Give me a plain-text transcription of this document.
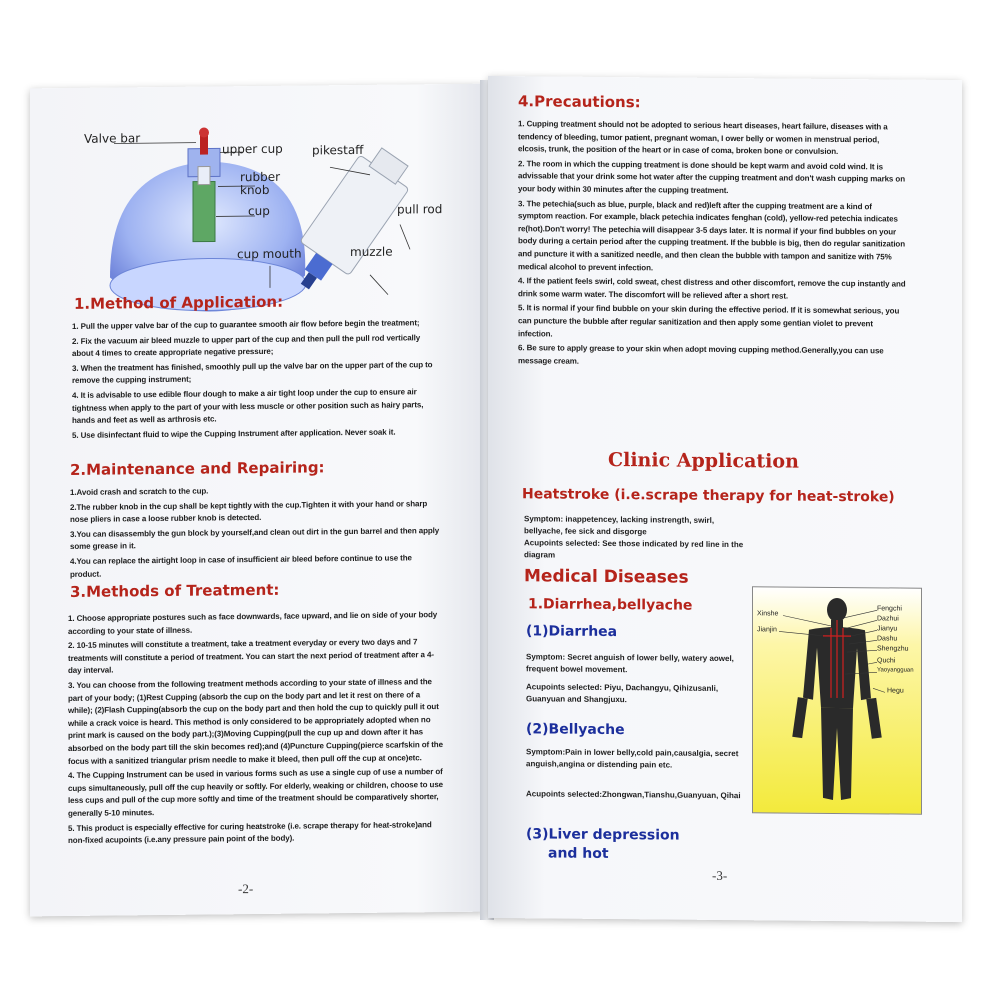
Valve bar
upper cup
rubber
knob
cup
cup mouth
pikestaff
pull rod
muzzle
1.Method of Application:
1. Pull the upper valve bar of the cup to guarantee smooth air flow before begin the treatment;
2. Fix the vacuum air bleed muzzle to upper part of the cup and then pull the pull rod vertically about 4 times to create appropriate negative pressure;
3. When the treatment has finished, smoothly pull up the valve bar on the upper part of the cup to remove the cupping instrument;
4. It is advisable to use edible flour dough to make a air tight loop under the cup to ensure air tightness when apply to the part of your with less muscle or other position such as hairy parts, hands and feet as well as arthrosis etc.
5. Use disinfectant fluid to wipe the Cupping Instrument after application. Never soak it.
2.Maintenance and Repairing:
1.Avoid crash and scratch to the cup.
2.The rubber knob in the cup shall be kept tightly with the cup.Tighten it with your hand or sharp nose pliers in case a loose rubber knob is detected.
3.You can disassembly the gun block by yourself,and clean out dirt in the gun barrel and then apply some grease in it.
4.You can replace the airtight loop in case of insufficient air bleed before continue to use the product.
3.Methods of Treatment:
1. Choose appropriate postures such as face downwards, face upward, and lie on side of your body according to your state of illness.
2. 10-15 minutes will constitute a treatment, take a treatment everyday or every two days and 7 treatments will constitute a period of treatment. You can start the next period of treatment after a 4-day interval.
3. You can choose from the following treatment methods according to your state of illness and the part of your body; (1)Rest Cupping (absorb the cup on the body part and let it rest on there of a while); (2)Flash Cupping(absorb the cup on the body part and then hold the cup to quickly pull it out while a crack voice is heard. This method is only considered to be appropriately adopted when no print mark is caused on the body part.);(3)Moving Cupping(pull the cup up and down after it has absorbed on the body part till the skin becomes red);and (4)Puncture Cupping(pierce scarfskin of the focus with a sanitized triangular prism needle to make it bleed, then pull off the cup at once)etc.
4. The Cupping Instrument can be used in various forms such as use a single cup of use a number of cups simultaneously, pull off the cup heavily or softly. For elderly, weaking or children, choose to use less cups and pull of the cup more softly and time of the treatment should be comparatively shorter, generally 5-10 minutes.
5. This product is especially effective for curing heatstroke (i.e. scrape therapy for heat-stroke)and non-fixed acupoints (i.e.any pressure pain point of the body).
-2-
4.Precautions:
1. Cupping treatment should not be adopted to serious heart diseases, heart failure, diseases with a tendency of bleeding, tumor patient, pregnant woman, I ower belly or women in menstrual period, elcosis, trunk, the position of the heart or in case of coma, broken bone or convulsion.
2. The room in which the cupping treatment is done should be kept warm and avoid cold wind. It is advissable that your drink some hot water after the cupping treatment and don't wash cupping marks on your body within 30 minutes after the cupping treatment.
3. The petechia(such as blue, purple, black and red)left after the cupping treatment are a kind of symptom reaction. For example, black petechia indicates fenghan (cold), yellow-red petechia indicates re(hot).Don't worry! The petechia will disappear 3-5 days later. It is normal if your find bubbles on your body during a certain period after the cupping treatment. If the bubble is big, then do regular sanitization and puncture it with a sanitized needle, and then clean the bubble with tampon and sanitize with 75% medical alcohol to prevent infection.
4. If the patient feels swirl, cold sweat, chest distress and other discomfort, remove the cup instantly and drink some warm water. The discomfort will be relieved after a short rest.
5. It is normal if your find bubble on your skin during the effective period. If it is somewhat serious, you can puncture the bubble after regular sanitization and then apply some gentian violet to prevent infection.
6. Be sure to apply grease to your skin when adopt moving cupping method.Generally,you can use message cream.
Clinic Application
Heatstroke (i.e.scrape therapy for heat-stroke)
Symptom: inappetencey, lacking instrength, swirl, bellyache, fee sick and disgorge
Acupoints selected: See those indicated by red line in the diagram
Medical Diseases
1.Diarrhea,bellyache
(1)Diarrhea
Symptom: Secret anguish of lower belly, watery aowel, frequent bowel movement.
Acupoints selected: Piyu, Dachangyu, Qihizusanli, Guanyuan and Shangjuxu.
(2)Bellyache
Symptom:Pain in lower belly,cold pain,causalgia, secret anguish,angina or distending pain etc.
Acupoints selected:Zhongwan,Tianshu,Guanyuan, Qihai
(3)Liver depression
and hot
Xinshe
Jianjin
Fengchi
Dazhui
Jianyu
Dashu
Shengzhu
Quchi
Yaoyangguan
Hegu
-3-
